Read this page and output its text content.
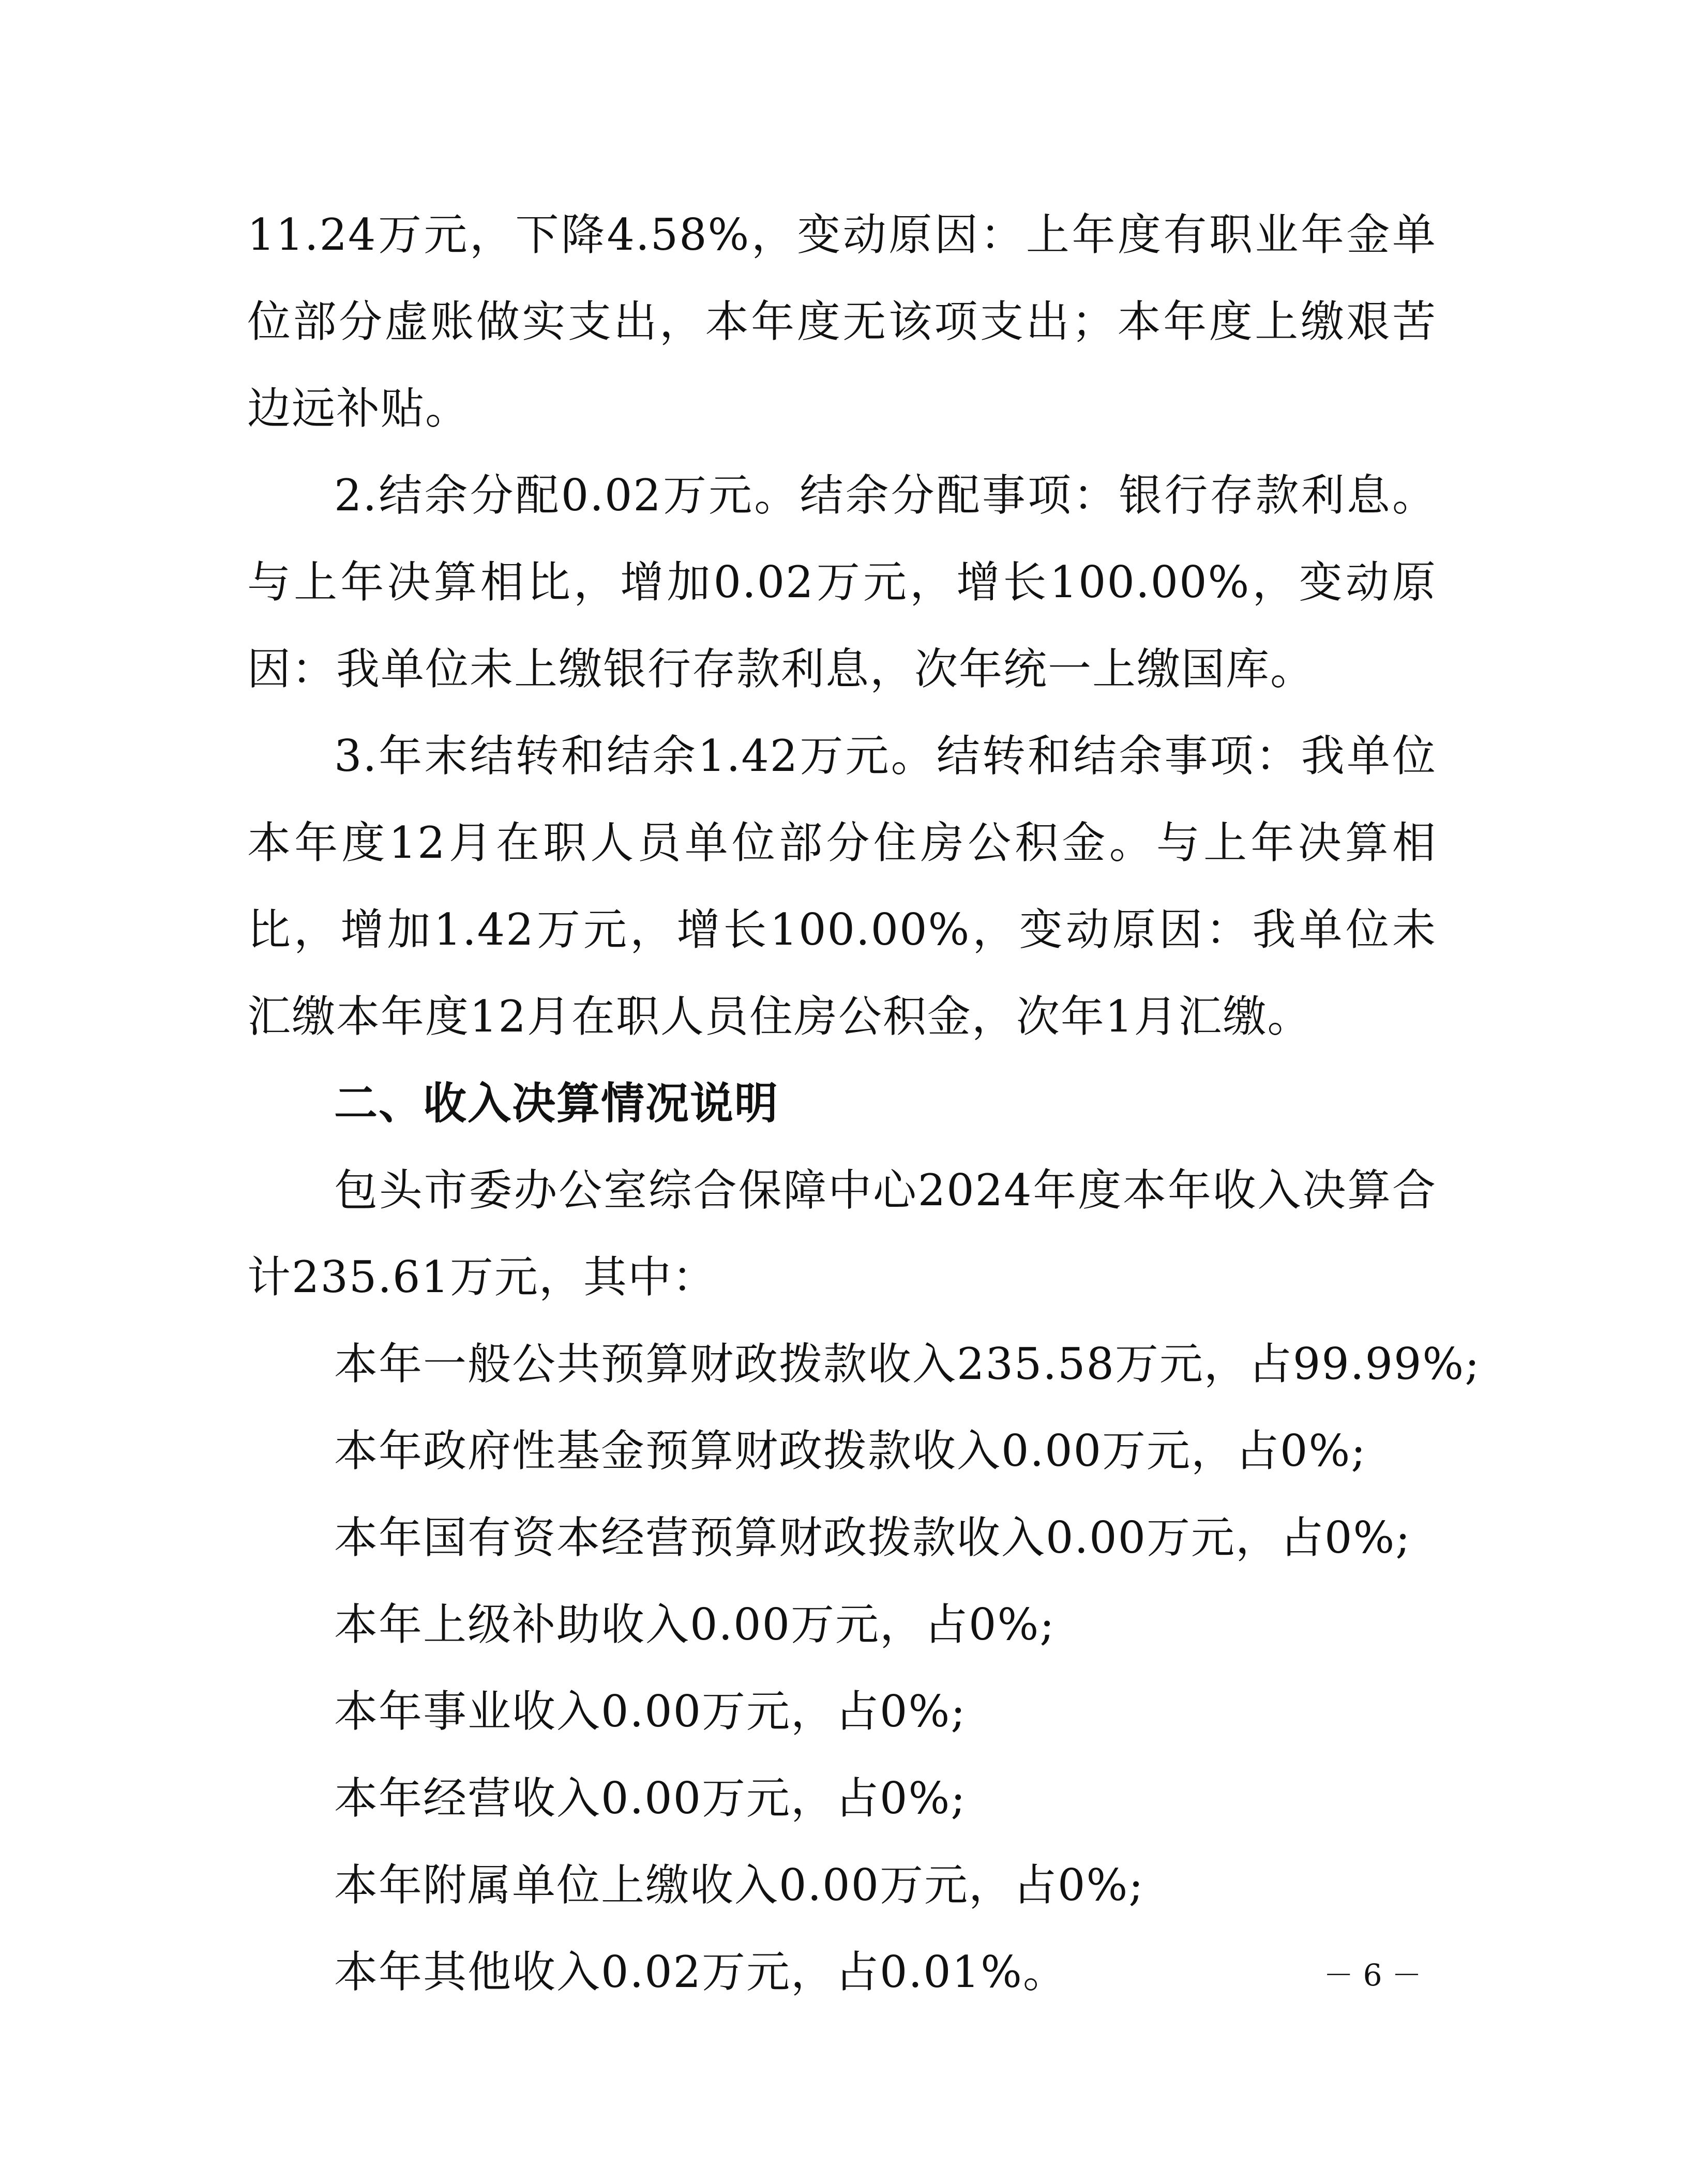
11.24万元，下降4.58%，变动原因：上年度有职业年金单位部分虚账做实支出，本年度无该项支出；本年度上缴艰苦边远补贴。

2.结余分配0.02万元。结余分配事项：银行存款利息。与上年决算相比，增加0.02万元，增长100.00%，变动原因：我单位未上缴银行存款利息，次年统一上缴国库。

3.年末结转和结余1.42万元。结转和结余事项：我单位本年度12月在职人员单位部分住房公积金。与上年决算相比，增加1.42万元，增长100.00%，变动原因：我单位未汇缴本年度12月在职人员住房公积金，次年1月汇缴。

二、收入决算情况说明

包头市委办公室综合保障中心2024年度本年收入决算合计235.61万元，其中：

本年一般公共预算财政拨款收入235.58万元，占99.99%;

本年政府性基金预算财政拨款收入0.00万元，占0%;

本年国有资本经营预算财政拨款收入0.00万元，占0%;

本年上级补助收入0.00万元，占0%;

本年事业收入0.00万元，占0%;

本年经营收入0.00万元，占0%;

本年附属单位上缴收入0.00万元，占0%;

本年其他收入0.02万元，占0.01%。	－ 6 －
